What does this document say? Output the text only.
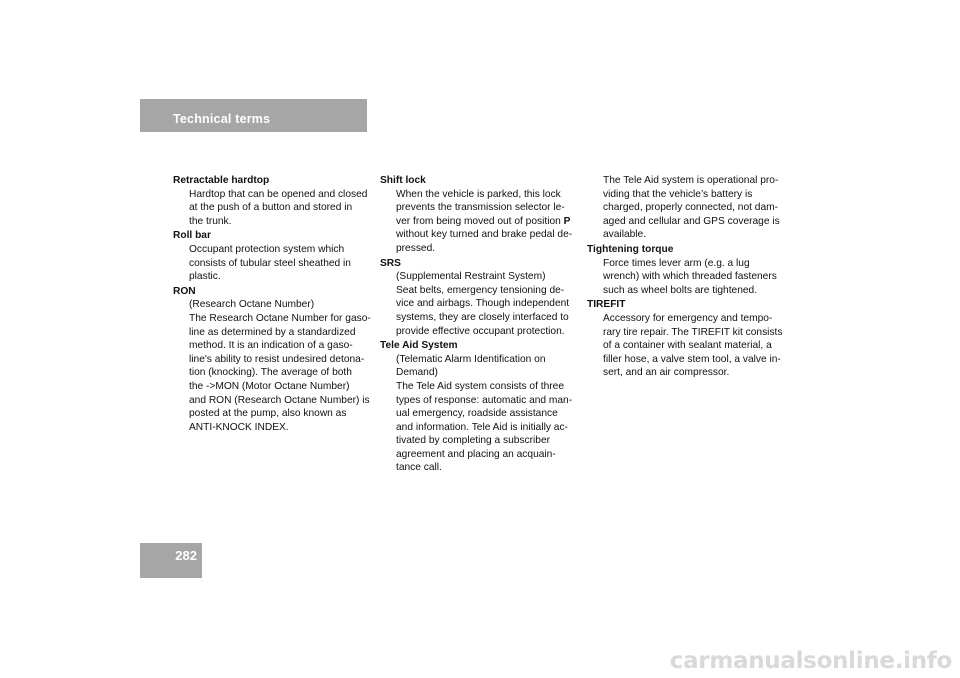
Technical terms
Retractable hardtop
Hardtop that can be opened and closed
at the push of a button and stored in
the trunk.
Roll bar
Occupant protection system which
consists of tubular steel sheathed in
plastic.
RON
(Research Octane Number)
The Research Octane Number for gaso-
line as determined by a standardized
method. It is an indication of a gaso-
line's ability to resist undesired detona-
tion (knocking). The average of both
the ->MON (Motor Octane Number)
and RON (Research Octane Number) is
posted at the pump, also known as
ANTI-KNOCK INDEX.
Shift lock
When the vehicle is parked, this lock
prevents the transmission selector le-
ver from being moved out of position P
without key turned and brake pedal de-
pressed.
SRS
(Supplemental Restraint System)
Seat belts, emergency tensioning de-
vice and airbags. Though independent
systems, they are closely interfaced to
provide effective occupant protection.
Tele Aid System
(Telematic Alarm Identification on
Demand)
The Tele Aid system consists of three
types of response: automatic and man-
ual emergency, roadside assistance
and information. Tele Aid is initially ac-
tivated by completing a subscriber
agreement and placing an acquain-
tance call.
The Tele Aid system is operational pro-
viding that the vehicle’s battery is
charged, properly connected, not dam-
aged and cellular and GPS coverage is
available.
Tightening torque
Force times lever arm (e.g. a lug
wrench) with which threaded fasteners
such as wheel bolts are tightened.
TIREFIT
Accessory for emergency and tempo-
rary tire repair. The TIREFIT kit consists
of a container with sealant material, a
filler hose, a valve stem tool, a valve in-
sert, and an air compressor.
282
carmanualsonline.info
